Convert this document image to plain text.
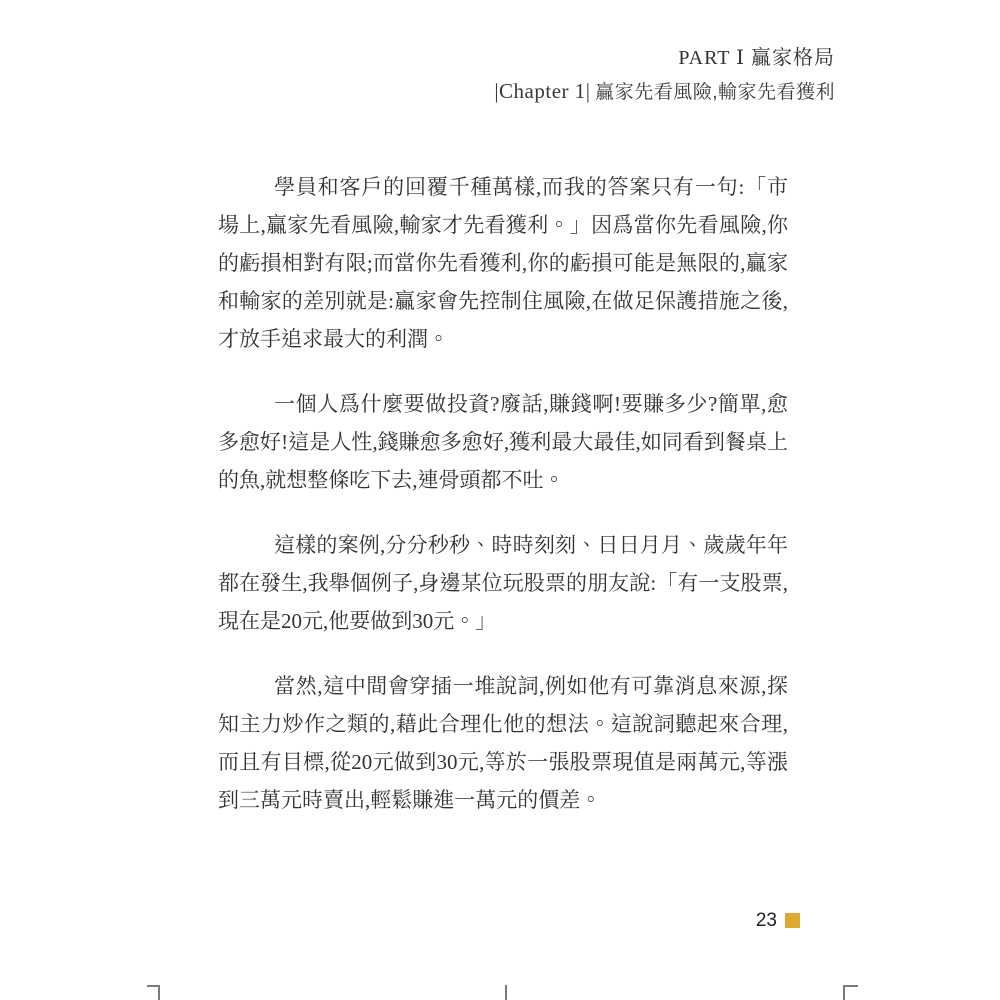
PART Ⅰ 贏家格局
|Chapter 1| 贏家先看風險,輸家先看獲利

學員和客戶的回覆千種萬樣,而我的答案只有一句:「市場上,贏家先看風險,輸家才先看獲利。」因爲當你先看風險,你的虧損相對有限;而當你先看獲利,你的虧損可能是無限的,贏家和輸家的差別就是:贏家會先控制住風險,在做足保護措施之後,才放手追求最大的利潤。

一個人爲什麼要做投資?廢話,賺錢啊!要賺多少?簡單,愈多愈好!這是人性,錢賺愈多愈好,獲利最大最佳,如同看到餐桌上的魚,就想整條吃下去,連骨頭都不吐。

這樣的案例,分分秒秒、時時刻刻、日日月月、歲歲年年都在發生,我舉個例子,身邊某位玩股票的朋友說:「有一支股票,現在是20元,他要做到30元。」

當然,這中間會穿插一堆說詞,例如他有可靠消息來源,探知主力炒作之類的,藉此合理化他的想法。這說詞聽起來合理,而且有目標,從20元做到30元,等於一張股票現值是兩萬元,等漲到三萬元時賣出,輕鬆賺進一萬元的價差。

23
